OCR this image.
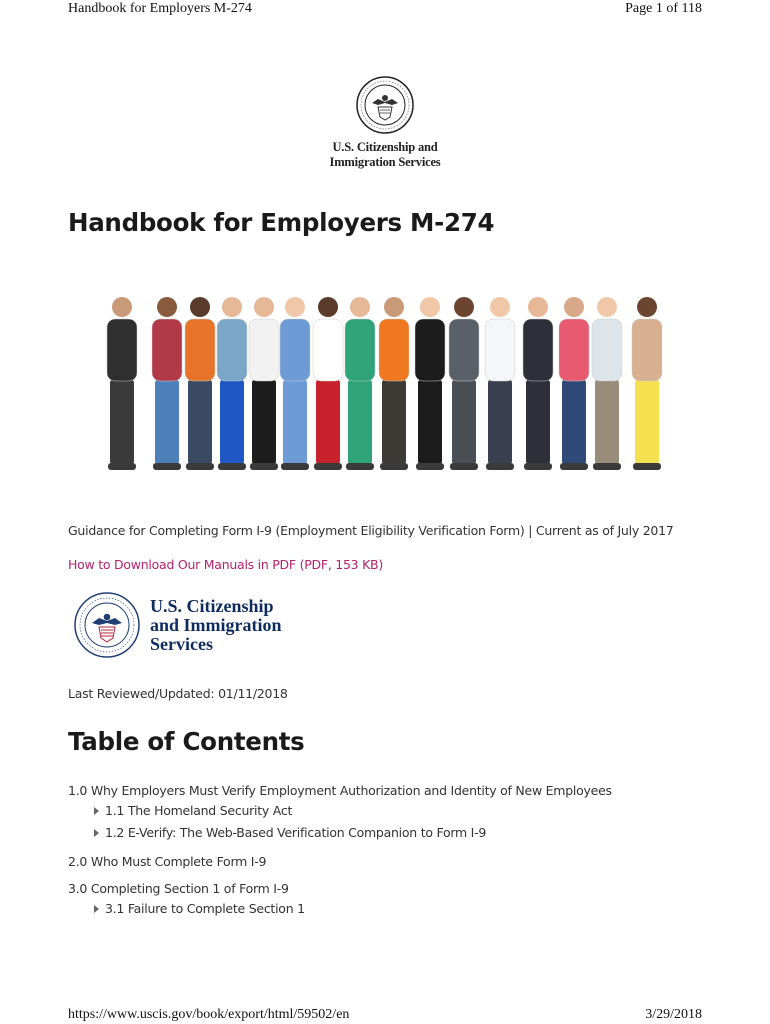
Handbook for Employers M-274	Page 1 of 118
U.S. Citizenship and
Immigration Services
Handbook for Employers M-274
Guidance for Completing Form I-9 (Employment Eligibility Verification Form) | Current as of July 2017
How to Download Our Manuals in PDF (PDF, 153 KB)
U.S. Citizenship
and Immigration
Services
Last Reviewed/Updated: 01/11/2018
Table of Contents
1.0 Why Employers Must Verify Employment Authorization and Identity of New Employees
1.1 The Homeland Security Act
1.2 E-Verify: The Web-Based Verification Companion to Form I-9
2.0 Who Must Complete Form I-9
3.0 Completing Section 1 of Form I-9
3.1 Failure to Complete Section 1
https://www.uscis.gov/book/export/html/59502/en	3/29/2018
